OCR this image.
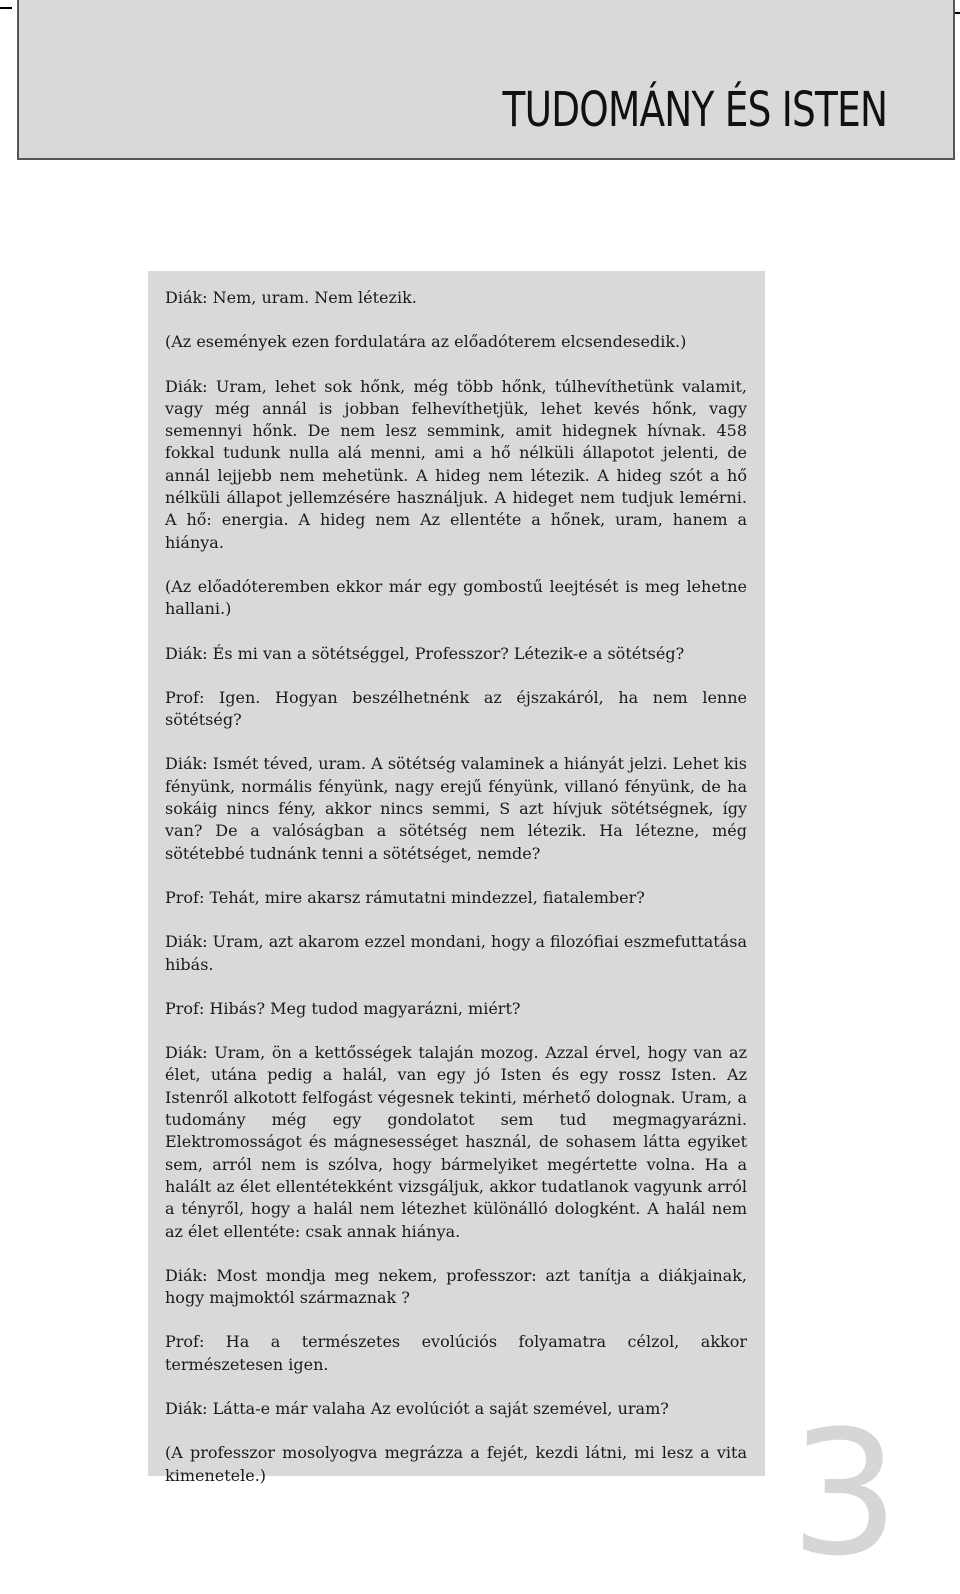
TUDOMÁNY ÉS ISTEN

Diák: Nem, uram. Nem létezik.

(Az események ezen fordulatára az előadóterem elcsendesedik.)

Diák: Uram, lehet sok hőnk, még több hőnk, túlhevíthetünk valamit, vagy még annál is jobban felhevíthetjük, lehet kevés hőnk, vagy semennyi hőnk. De nem lesz semmink, amit hidegnek hívnak. 458 fokkal tudunk nulla alá menni, ami a hő nélküli állapotot jelenti, de annál lejjebb nem mehetünk. A hideg nem létezik. A hideg szót a hő nélküli állapot jellemzésére használjuk. A hideget nem tudjuk lemérni. A hő: energia. A hideg nem Az ellentéte a hőnek, uram, hanem a hiánya.

(Az előadóteremben ekkor már egy gombostű leejtését is meg lehetne hallani.)

Diák: És mi van a sötétséggel, Professzor? Létezik-e a sötétség?

Prof: Igen. Hogyan beszélhetnénk az éjszakáról, ha nem lenne sötétség?

Diák: Ismét téved, uram. A sötétség valaminek a hiányát jelzi. Lehet kis fényünk, normális fényünk, nagy erejű fényünk, villanó fényünk, de ha sokáig nincs fény, akkor nincs semmi, S azt hívjuk sötétségnek, így van? De a valóságban a sötétség nem létezik. Ha létezne, még sötétebbé tudnánk tenni a sötétséget, nemde?

Prof: Tehát, mire akarsz rámutatni mindezzel, fiatalember?

Diák: Uram, azt akarom ezzel mondani, hogy a filozófiai eszmefuttatása hibás.

Prof: Hibás? Meg tudod magyarázni, miért?

Diák: Uram, ön a kettősségek talaján mozog. Azzal érvel, hogy van az élet, utána pedig a halál, van egy jó Isten és egy rossz Isten. Az Istenről alkotott felfogást végesnek tekinti, mérhető dolognak. Uram, a tudomány még egy gondolatot sem tud megmagyarázni. Elektromosságot és mágnesességet használ, de sohasem látta egyiket sem, arról nem is szólva, hogy bármelyiket megértette volna. Ha a halált az élet ellentétekként vizsgáljuk, akkor tudatlanok vagyunk arról a tényről, hogy a halál nem létezhet különálló dologként. A halál nem az élet ellentéte: csak annak hiánya.

Diák: Most mondja meg nekem, professzor: azt tanítja a diákjainak, hogy majmoktól származnak ?

Prof: Ha a természetes evolúciós folyamatra célzol, akkor természetesen igen.

Diák: Látta-e már valaha Az evolúciót a saját szemével, uram?

(A professzor mosolyogva megrázza a fejét, kezdi látni, mi lesz a vita kimenetele.)	3
